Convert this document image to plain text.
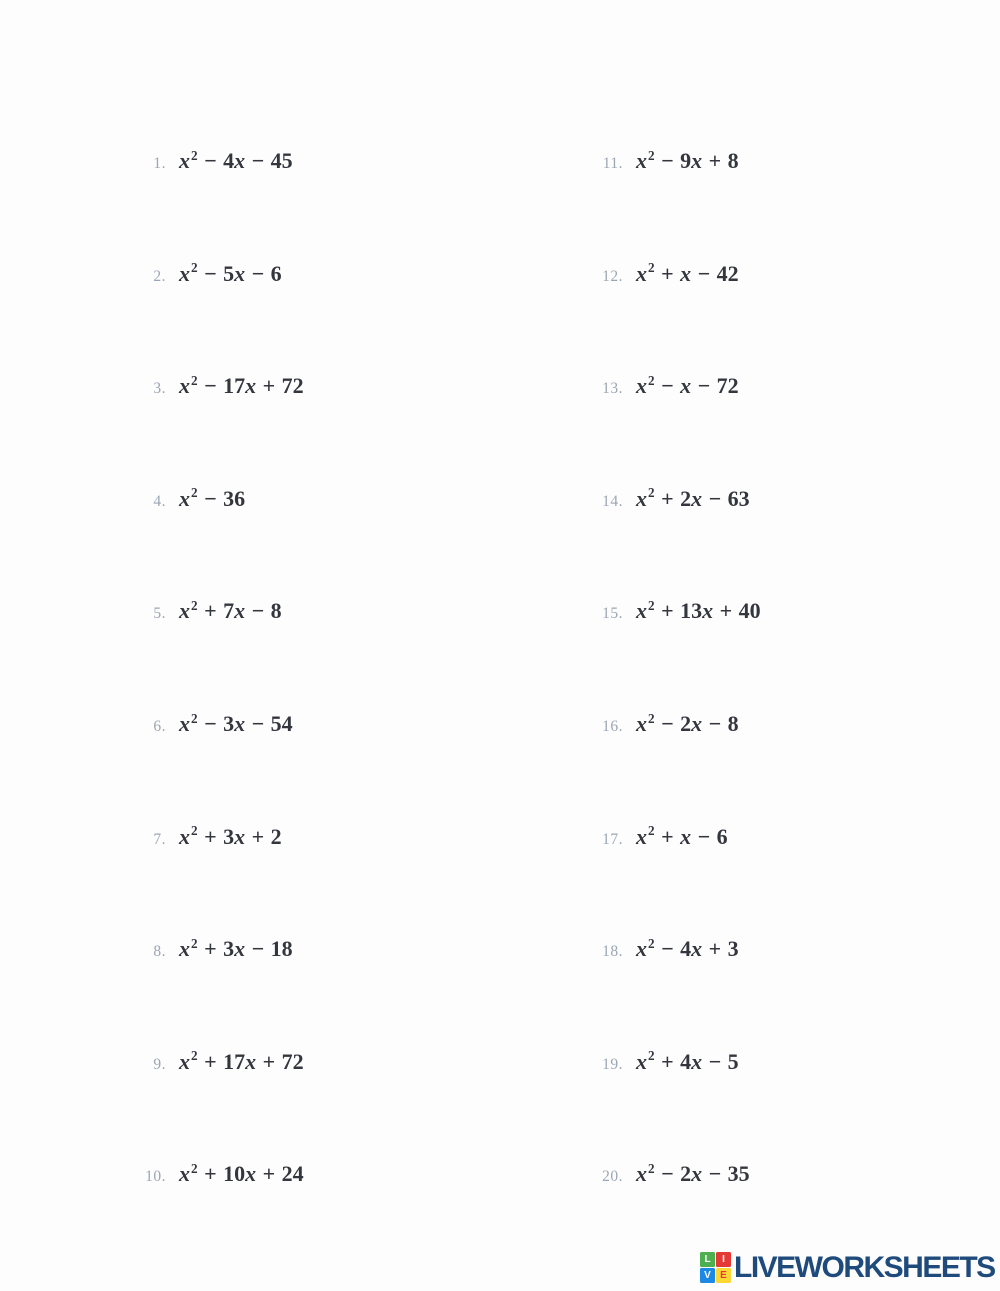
1. $x^2 - 4x - 45$
2. $x^2 - 5x - 6$
3. $x^2 - 17x + 72$
4. $x^2 - 36$
5. $x^2 + 7x - 8$
6. $x^2 - 3x - 54$
7. $x^2 + 3x + 2$
8. $x^2 + 3x - 18$
9. $x^2 + 17x + 72$
10. $x^2 + 10x + 24$
11. $x^2 - 9x + 8$
12. $x^2 + x - 42$
13. $x^2 - x - 72$
14. $x^2 + 2x - 63$
15. $x^2 + 13x + 40$
16. $x^2 - 2x - 8$
17. $x^2 + x - 6$
18. $x^2 - 4x + 3$
19. $x^2 + 4x - 5$
20. $x^2 - 2x - 35$
L	I
V E LIVEWORKSHEETS
